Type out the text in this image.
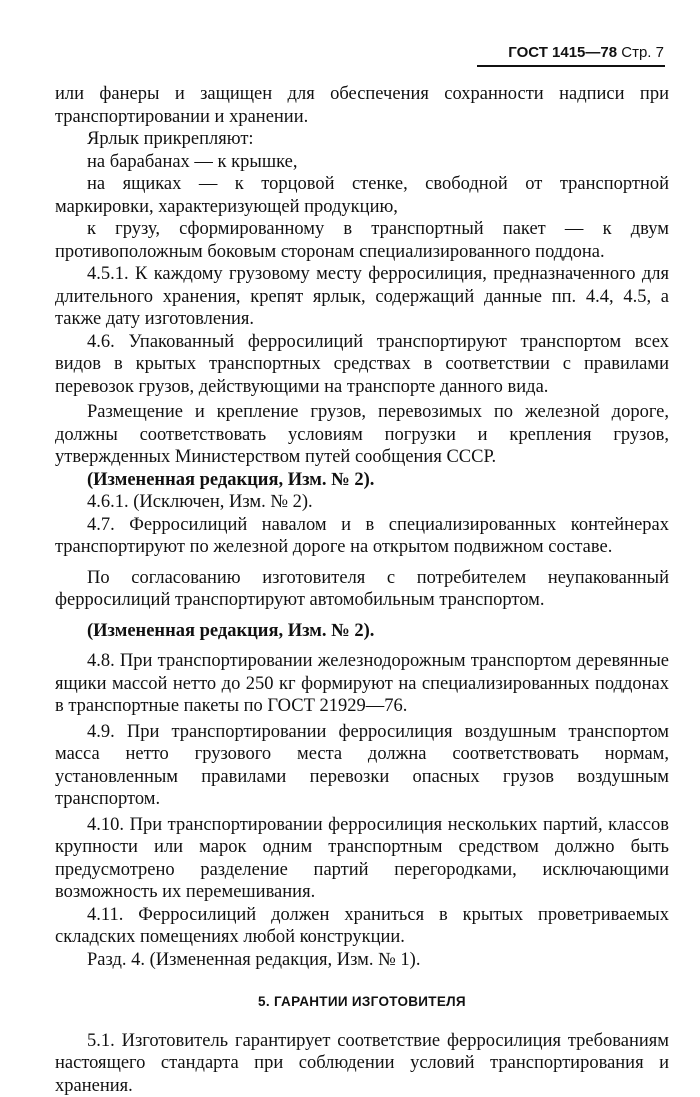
ГОСТ 1415—78 Стр. 7

или фанеры и защищен для обеспечения сохранности надписи при транспортировании и хранении.

Ярлык прикрепляют:

на барабанах — к крышке,

на ящиках — к торцовой стенке, свободной от транспортной маркировки, характеризующей продукцию,

к грузу, сформированному в транспортный пакет — к двум противоположным боковым сторонам специализированного поддона.

4.5.1. К каждому грузовому месту ферросилиция, предназначенного для длительного хранения, крепят ярлык, содержащий данные пп. 4.4, 4.5, а также дату изготовления.

4.6. Упакованный ферросилиций транспортируют транспортом всех видов в крытых транспортных средствах в соответствии с правилами перевозок грузов, действующими на транспорте данного вида.

Размещение и крепление грузов, перевозимых по железной дороге, должны соответствовать условиям погрузки и крепления грузов, утвержденных Министерством путей сообщения СССР.

(Измененная редакция, Изм. № 2).

4.6.1. (Исключен, Изм. № 2).

4.7. Ферросилиций навалом и в специализированных контейнерах транспортируют по железной дороге на открытом подвижном составе.

По согласованию изготовителя с потребителем неупакованный ферросилиций транспортируют автомобильным транспортом.

(Измененная редакция, Изм. № 2).

4.8. При транспортировании железнодорожным транспортом деревянные ящики массой нетто до 250 кг формируют на специализированных поддонах в транспортные пакеты по ГОСТ 21929—76.

4.9. При транспортировании ферросилиция воздушным транспортом масса нетто грузового места должна соответствовать нормам, установленным правилами перевозки опасных грузов воздушным транспортом.

4.10. При транспортировании ферросилиция нескольких партий, классов крупности или марок одним транспортным средством должно быть предусмотрено разделение партий перегородками, исключающими возможность их перемешивания.

4.11. Ферросилиций должен храниться в крытых проветриваемых складских помещениях любой конструкции.

Разд. 4. (Измененная редакция, Изм. № 1).

5. ГАРАНТИИ ИЗГОТОВИТЕЛЯ

5.1. Изготовитель гарантирует соответствие ферросилиция требованиям настоящего стандарта при соблюдении условий транспортирования и хранения.
